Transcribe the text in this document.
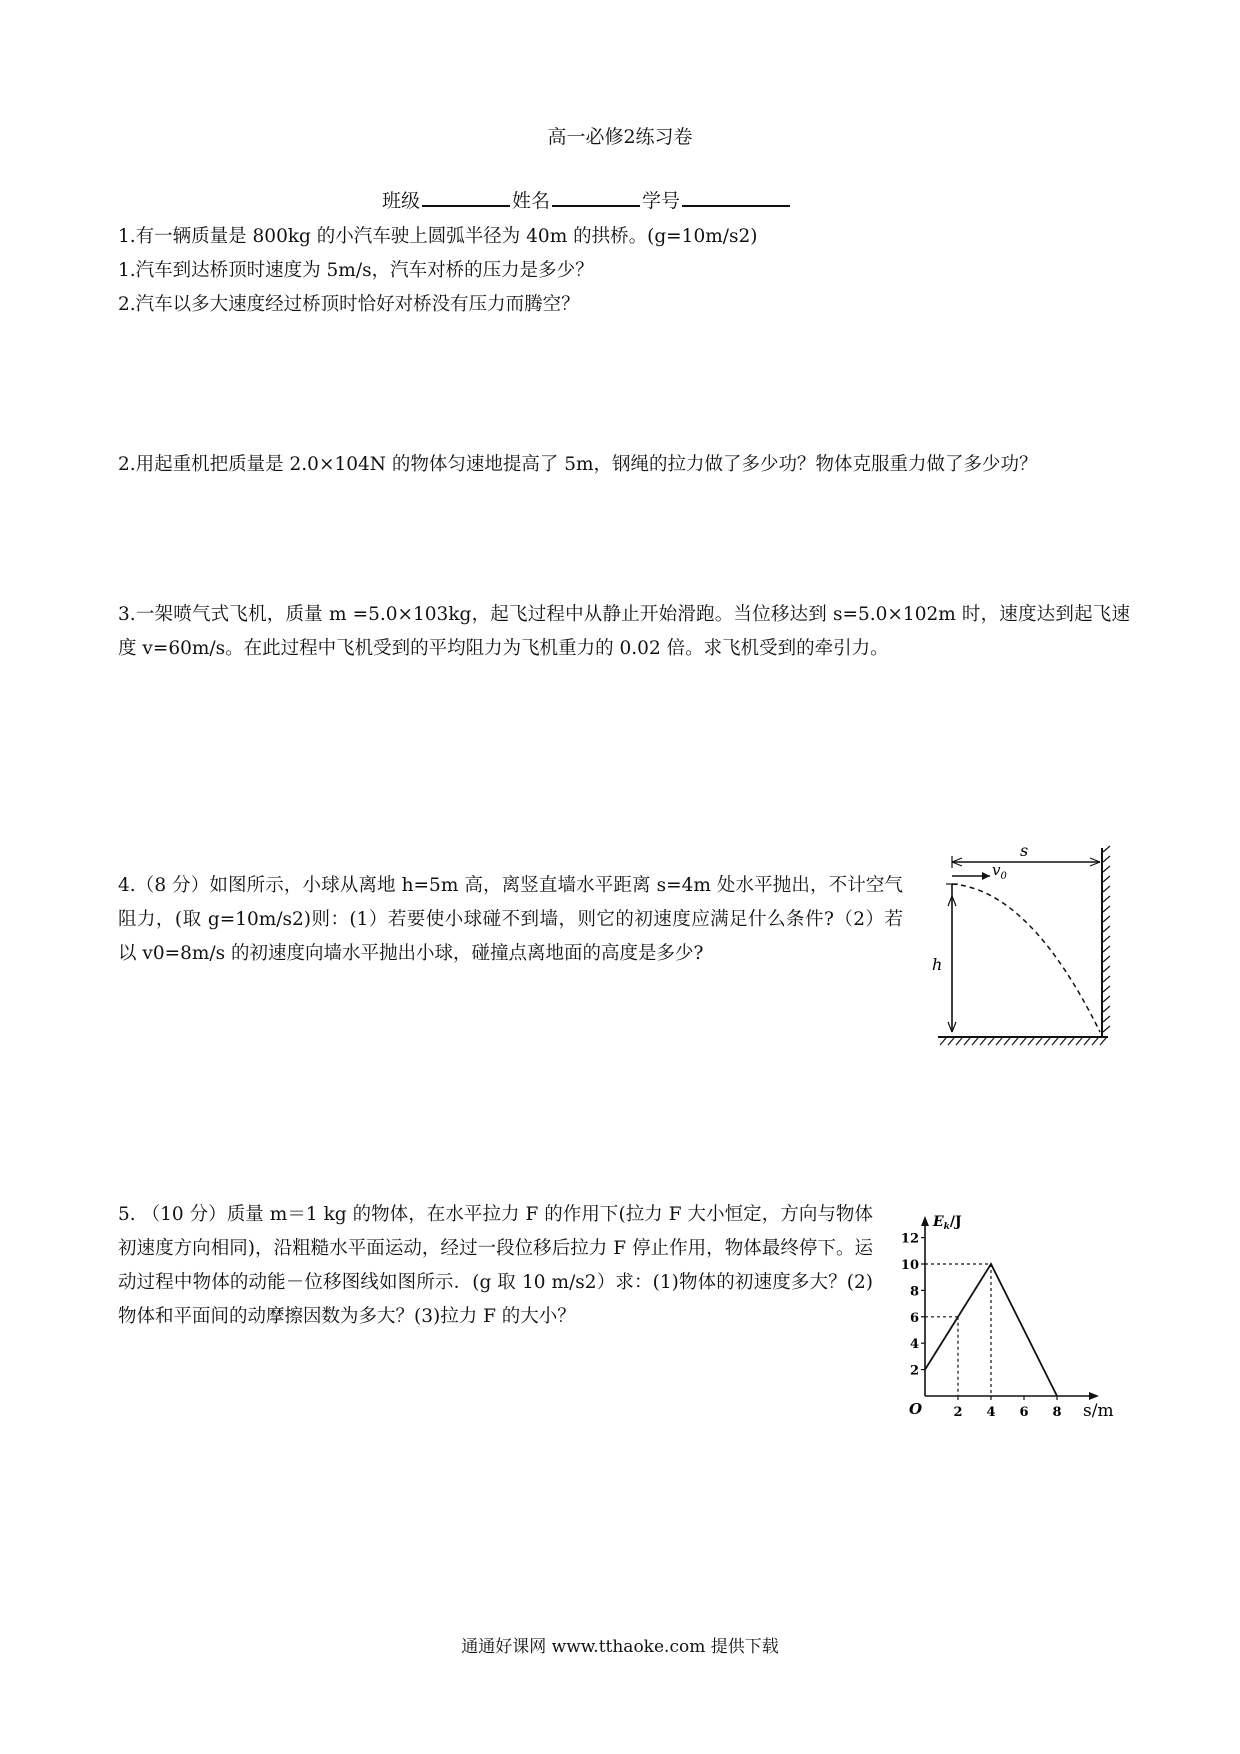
高一必修2练习卷
班级	姓名	学号
1.有一辆质量是 800kg 的小汽车驶上圆弧半径为 40m 的拱桥。(g=10m/s2)
1.汽车到达桥顶时速度为 5m/s，汽车对桥的压力是多少？
2.汽车以多大速度经过桥顶时恰好对桥没有压力而腾空？
2.用起重机把质量是 2.0×104N 的物体匀速地提高了 5m，钢绳的拉力做了多少功？物体克服重力做了多少功？
3.一架喷气式飞机，质量 m =5.0×103kg，起飞过程中从静止开始滑跑。当位移达到 s=5.0×102m 时，速度达到起飞速度 v=60m/s。在此过程中飞机受到的平均阻力为飞机重力的 0.02 倍。求飞机受到的牵引力。
4.（8 分）如图所示，小球从离地 h=5m 高，离竖直墙水平距离 s=4m 处水平抛出，不计空气阻力，(取 g=10m/s2)则：(1）若要使小球碰不到墙，则它的初速度应满足什么条件?（2）若以 v0=8m/s 的初速度向墙水平抛出小球，碰撞点离地面的高度是多少?
h
s
$v_0$
5. （10 分）质量 m＝1 kg 的物体，在水平拉力 F 的作用下(拉力 F 大小恒定，方向与物体初速度方向相同)，沿粗糙水平面运动，经过一段位移后拉力 F 停止作用，物体最终停下。运动过程中物体的动能－位移图线如图所示．(g 取 10 m/s2）求：(1)物体的初速度多大？(2)物体和平面间的动摩擦因数为多大？(3)拉力 F 的大小？
$E_k/J$
s/m
O
2
4
6
8
10
12
2 4 6 8
通通好课网 www.tthaoke.com 提供下载
